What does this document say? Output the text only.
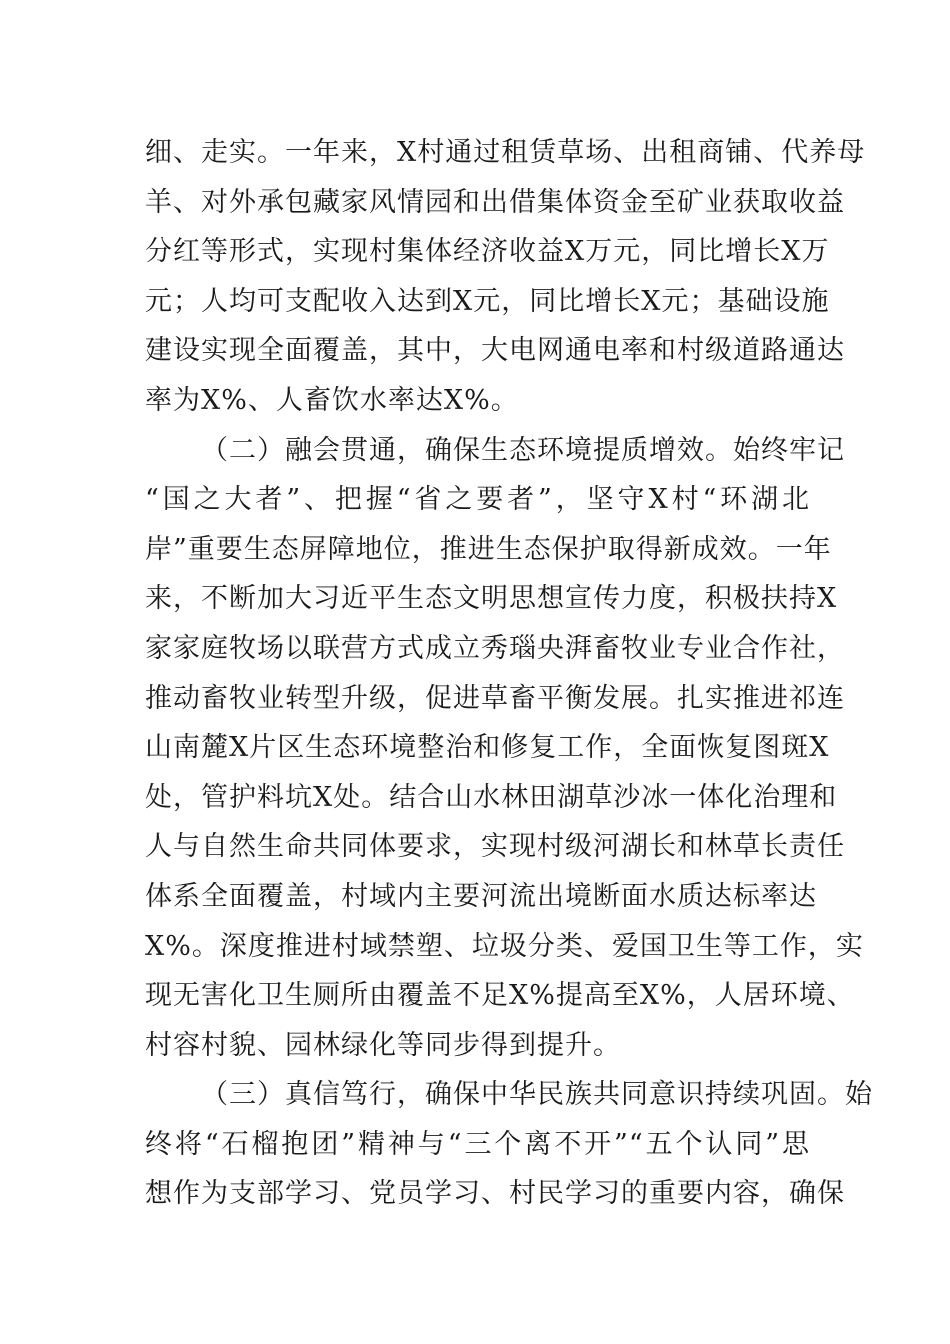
细、走实。一年来，X村通过租赁草场、出租商铺、代养母
羊、对外承包藏家风情园和出借集体资金至矿业获取收益
分红等形式，实现村集体经济收益X万元，同比增长X万
元；人均可支配收入达到X元，同比增长X元；基础设施
建设实现全面覆盖，其中，大电网通电率和村级道路通达
率为X%、人畜饮水率达X%。
（二）融会贯通，确保生态环境提质增效。始终牢记
“国之大者”、把握“省之要者”，坚守X村“环湖北
岸”重要生态屏障地位，推进生态保护取得新成效。一年
来，不断加大习近平生态文明思想宣传力度，积极扶持X
家家庭牧场以联营方式成立秀瑙央湃畜牧业专业合作社，
推动畜牧业转型升级，促进草畜平衡发展。扎实推进祁连
山南麓X片区生态环境整治和修复工作，全面恢复图斑X
处，管护料坑X处。结合山水林田湖草沙冰一体化治理和
人与自然生命共同体要求，实现村级河湖长和林草长责任
体系全面覆盖，村域内主要河流出境断面水质达标率达
X%。深度推进村域禁塑、垃圾分类、爱国卫生等工作，实
现无害化卫生厕所由覆盖不足X%提高至X%，人居环境、
村容村貌、园林绿化等同步得到提升。
（三）真信笃行，确保中华民族共同意识持续巩固。始
终将“石榴抱团”精神与“三个离不开”“五个认同”思
想作为支部学习、党员学习、村民学习的重要内容，确保
